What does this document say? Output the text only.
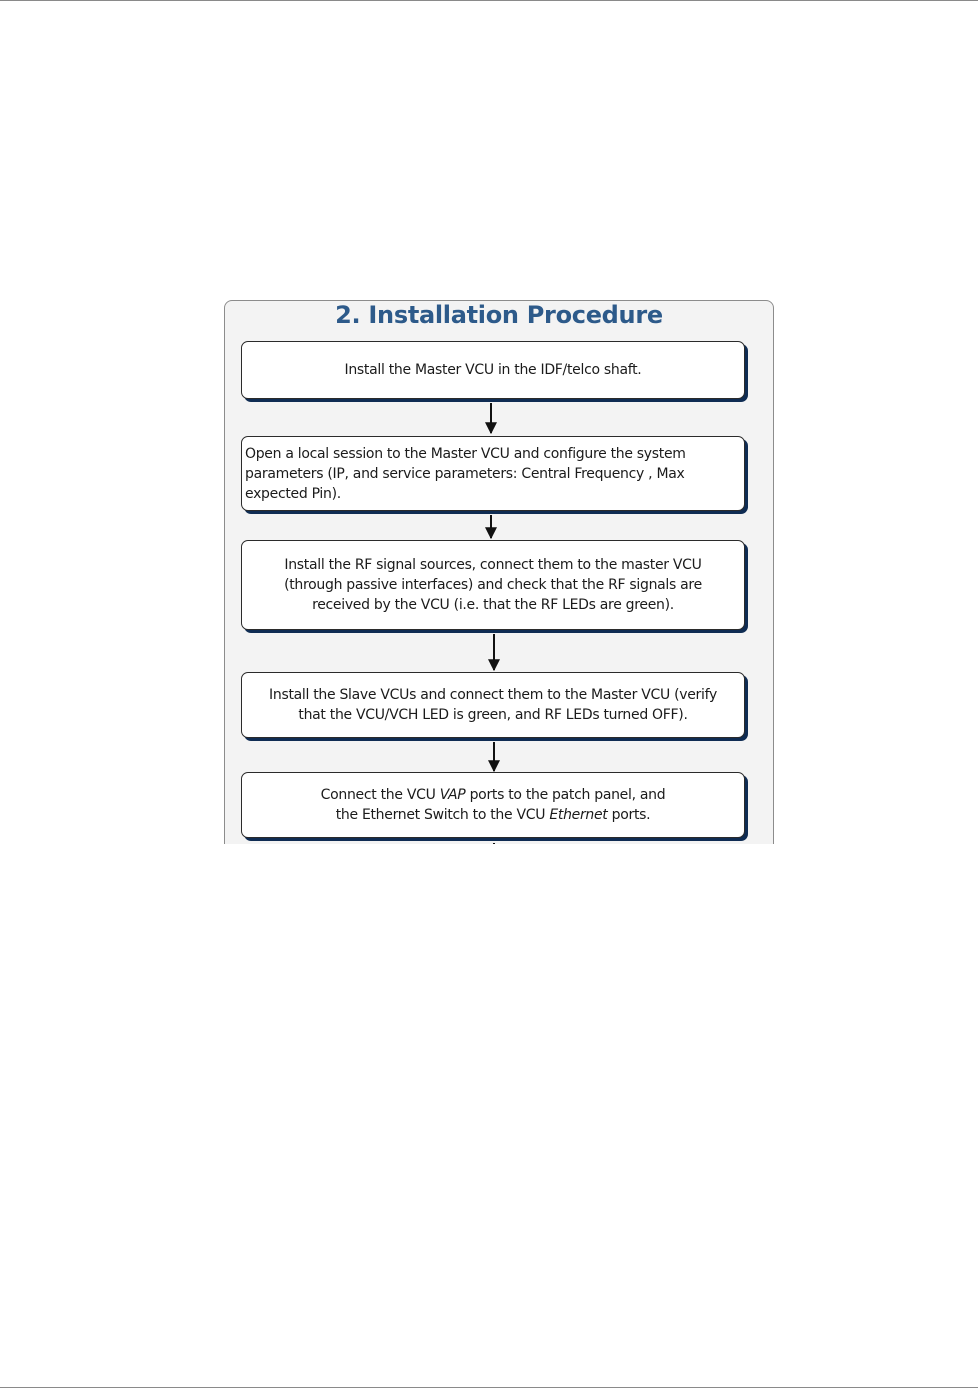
2. Installation Procedure
Install the Master VCU in the IDF/telco shaft.
Open a local session to the Master VCU and configure the system
parameters (IP, and service parameters: Central Frequency , Max
expected Pin).
Install the RF signal sources, connect them to the master VCU
(through passive interfaces) and check that the RF signals are
received by the VCU (i.e. that the RF LEDs are green).
Install the Slave VCUs and connect them to the Master VCU (verify
that the VCU/VCH LED is green, and RF LEDs turned OFF).
Connect the VCU VAP ports to the patch panel, and
the Ethernet Switch to the VCU Ethernet ports.
